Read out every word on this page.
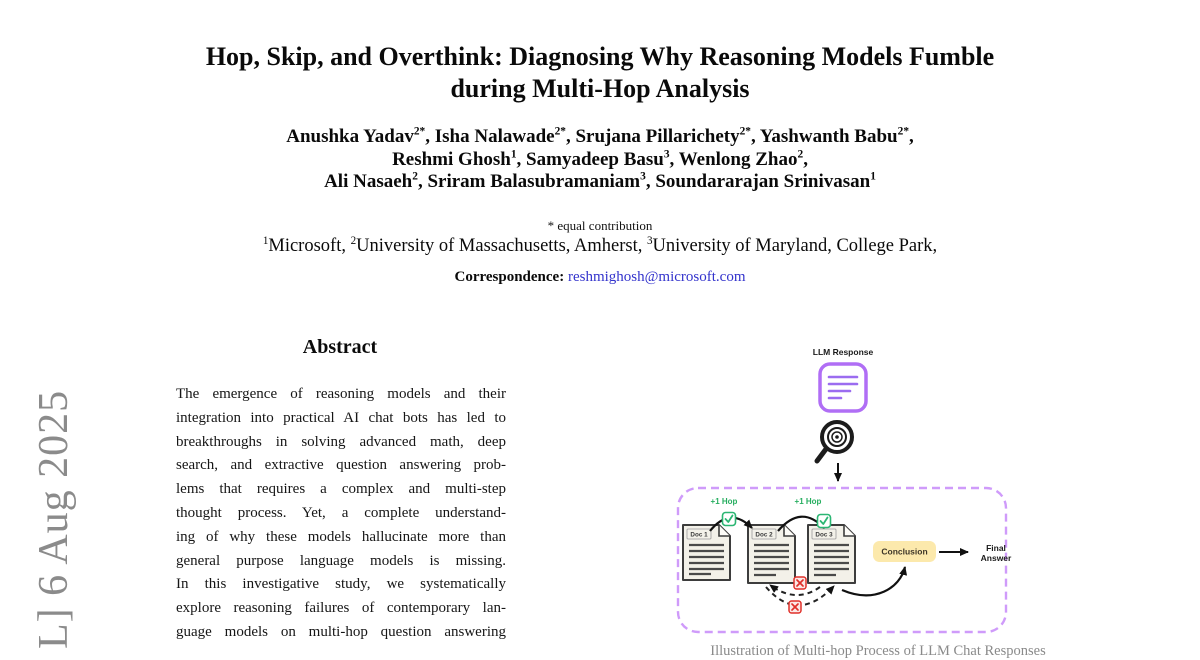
Hop, Skip, and Overthink: Diagnosing Why Reasoning Models Fumble
during Multi-Hop Analysis
Anushka Yadav$^{2*}$, Isha Nalawade$^{2*}$, Srujana Pillarichety$^{2*}$, Yashwanth Babu$^{2*}$,
Reshmi Ghosh$^1$, Samyadeep Basu$^3$, Wenlong Zhao$^2$,
Ali Nasaeh$^2$, Sriram Balasubramaniam$^3$, Soundararajan Srinivasan$^1$
* equal contribution
$^1$Microsoft, $^2$University of Massachusetts, Amherst, $^3$University of Maryland, College Park,
Correspondence: reshmighosh@microsoft.com
Abstract
The emergence of reasoning models and their
integration into practical AI chat bots has led to
breakthroughs in solving advanced math, deep
search, and extractive question answering prob-
lems that requires a complex and multi-step
thought process. Yet, a complete understand-
ing of why these models hallucinate more than
general purpose language models is missing.
In this investigative study, we systematically
explore reasoning failures of contemporary lan-
guage models on multi-hop question answering
L] 6 Aug 2025
LLM Response
Doc 1	Doc 2	Doc 3
+1 Hop	+1 Hop
Conclusion	Final
Answer
Illustration of Multi-hop Process of LLM Chat Responses
